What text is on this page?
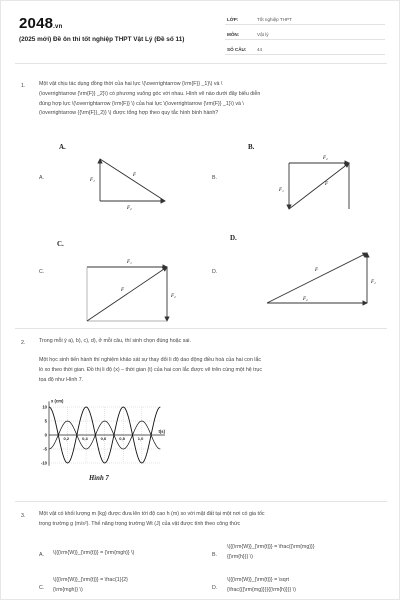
2048.vn
(2025 mới) Đề ôn thi tốt nghiệp THPT Vật Lý (Đề số 11)
LỚP:	Tốt nghiệp THPT
MÔN:	Vật lý
SỐ CÂU: 44
1.	Một vật chịu tác dụng đồng thời của hai lực \(\overrightarrow {\rm{F}} _1}\) và \
(\overrightarrow {\rm{F}} _2}\) có phương vuông góc với nhau. Hình vẽ nào dưới đây biểu diễn
đúng hợp lực \(\overrightarrow {\rm{F}} \) của hai lực \(\overrightarrow {\rm{F}} _1}\) và \
(\overrightarrow {{\rm{F}}_2}} \) được tổng hợp theo quy tắc hình bình hành?
A.	B.
C.
D.
A.	B.
C.	D.
F₁
F
F₂
F₁
F
F₂
F₁
F₂
F
F
F₁
F₂
2.	Trong mỗi ý a), b), c), d), ở mỗi câu, thí sinh chọn đúng hoặc sai.
Một học sinh tiến hành thí nghiệm khảo sát sự thay đổi li độ dao động điều hoà của hai con lắc
lò xo theo thời gian. Đồ thị li độ (x) – thời gian (t) của hai con lắc được vẽ trên cùng một hệ trục
tọa độ như Hình 7.
10
5
0
-5
-10
0,2	0,4	0,6	0,8	1,0
x (cm)
t(s)
Hình 7
3.	Một vật có khối lượng m (kg) được đưa lên tới độ cao h (m) so với mặt đất tại một nơi có gia tốc
trọng trường g (m/s²). Thế năng trọng trường Wt (J) của vật được tính theo công thức
A. \({{\rm{W}}_{\rm{t}}} = {\rm{mgh}} \)	B.
\({{\rm{W}}_{\rm{t}}} = \frac{{\rm{mg}}}
{{\rm{h}}} \)
C.
\({{\rm{W}}_{\rm{t}}} = \frac{1}{2}
{\rm{mgh}} \)	D.
\({{\rm{W}}_{\rm{t}}} = \sqrt
{\frac{{{\rm{mg}}}}{{\rm{h}}}} \)
